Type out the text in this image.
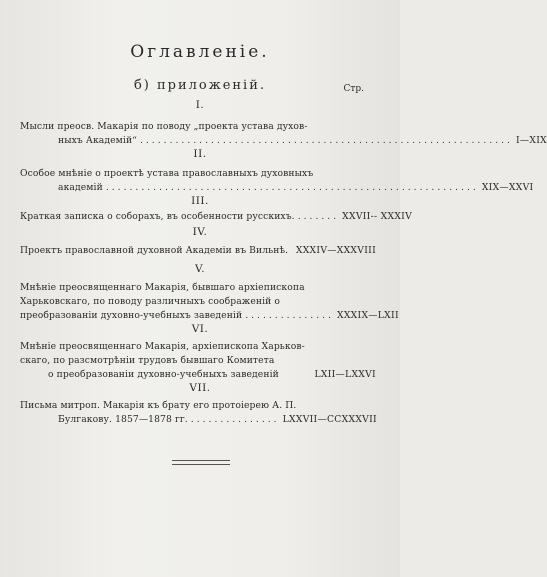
Оглавленiе.
б) приложенiй.	Стр.
I.
Мысли преосв. Макарiя по поводу „проекта устава духов-
ныхъ Академiй“ ............................................................... I—XIX
II.
Особое мнѣнiе о проектѣ устава православныхъ духовныхъ
академiй ............................................................... XIX—XXVI
III.
Краткая записка о соборахъ, въ особенности русскихъ. ....... XXVII-- XXXIV
IV.
Проектъ православной духовной Академiи въ Вильнѣ. XXXIV—XXXVIII
V.
Мнѣнiе преосвященнаго Макарiя, бывшаго архiепископа
Харьковскаго, по поводу различныхъ соображенiй о
преобразованiи духовно-учебныхъ заведенiй ............... XXXIX—LXII
VI.
Мнѣнiе преосвященнаго Макарiя, архiепископа Харьков-
скаго, по разсмотрѣнiи трудовъ бывшаго Комитета
о преобразованiи духовно-учебныхъ заведенiй	LXII—LXXVI
VII.
Письма митроп. Макарiя къ брату его протоiерею А. П.
Булгакову. 1857—1878 гг. ............... LXXVII—CCXXXVII
